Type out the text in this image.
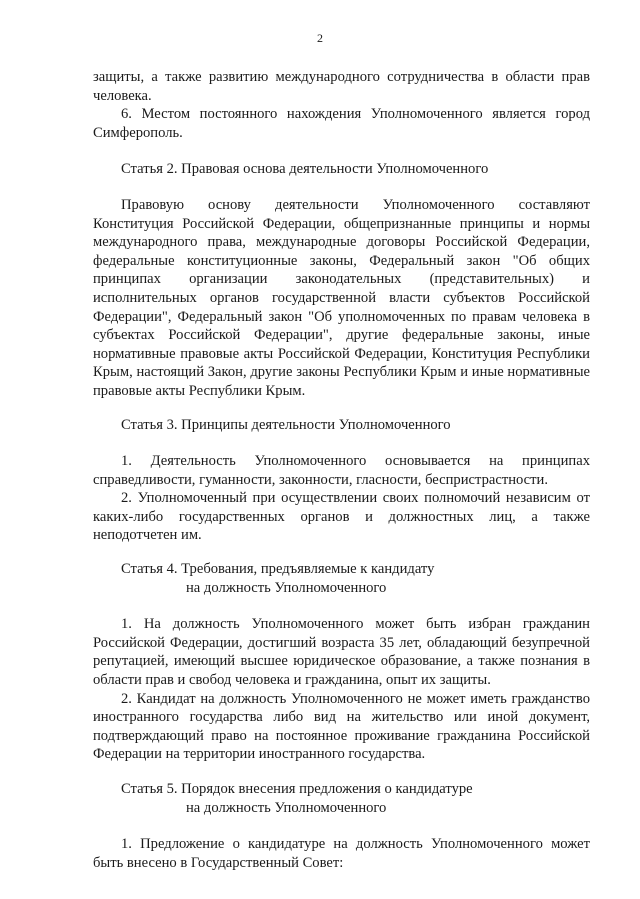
2

защиты, а также развитию международного сотрудничества в области прав человека.

6. Местом постоянного нахождения Уполномоченного является город Симферополь.

Статья 2. Правовая основа деятельности Уполномоченного

Правовую основу деятельности Уполномоченного составляют Конституция Российской Федерации, общепризнанные принципы и нормы международного права, международные договоры Российской Федерации, федеральные конституционные законы, Федеральный закон "Об общих принципах организации законодательных (представительных) и исполнительных органов государственной власти субъектов Российской Федерации", Федеральный закон "Об уполномоченных по правам человека в субъектах Российской Федерации", другие федеральные законы, иные нормативные правовые акты Российской Федерации, Конституция Республики Крым, настоящий Закон, другие законы Республики Крым и иные нормативные правовые акты Республики Крым.

Статья 3. Принципы деятельности Уполномоченного

1. Деятельность Уполномоченного основывается на принципах справедливости, гуманности, законности, гласности, беспристрастности.

2. Уполномоченный при осуществлении своих полномочий независим от каких-либо государственных органов и должностных лиц, а также неподотчетен им.

Статья 4. Требования, предъявляемые к кандидату
на должность Уполномоченного

1. На должность Уполномоченного может быть избран гражданин Российской Федерации, достигший возраста 35 лет, обладающий безупречной репутацией, имеющий высшее юридическое образование, а также познания в области прав и свобод человека и гражданина, опыт их защиты.

2. Кандидат на должность Уполномоченного не может иметь гражданство иностранного государства либо вид на жительство или иной документ, подтверждающий право на постоянное проживание гражданина Российской Федерации на территории иностранного государства.

Статья 5. Порядок внесения предложения о кандидатуре
на должность Уполномоченного

1. Предложение о кандидатуре на должность Уполномоченного может быть внесено в Государственный Совет:
